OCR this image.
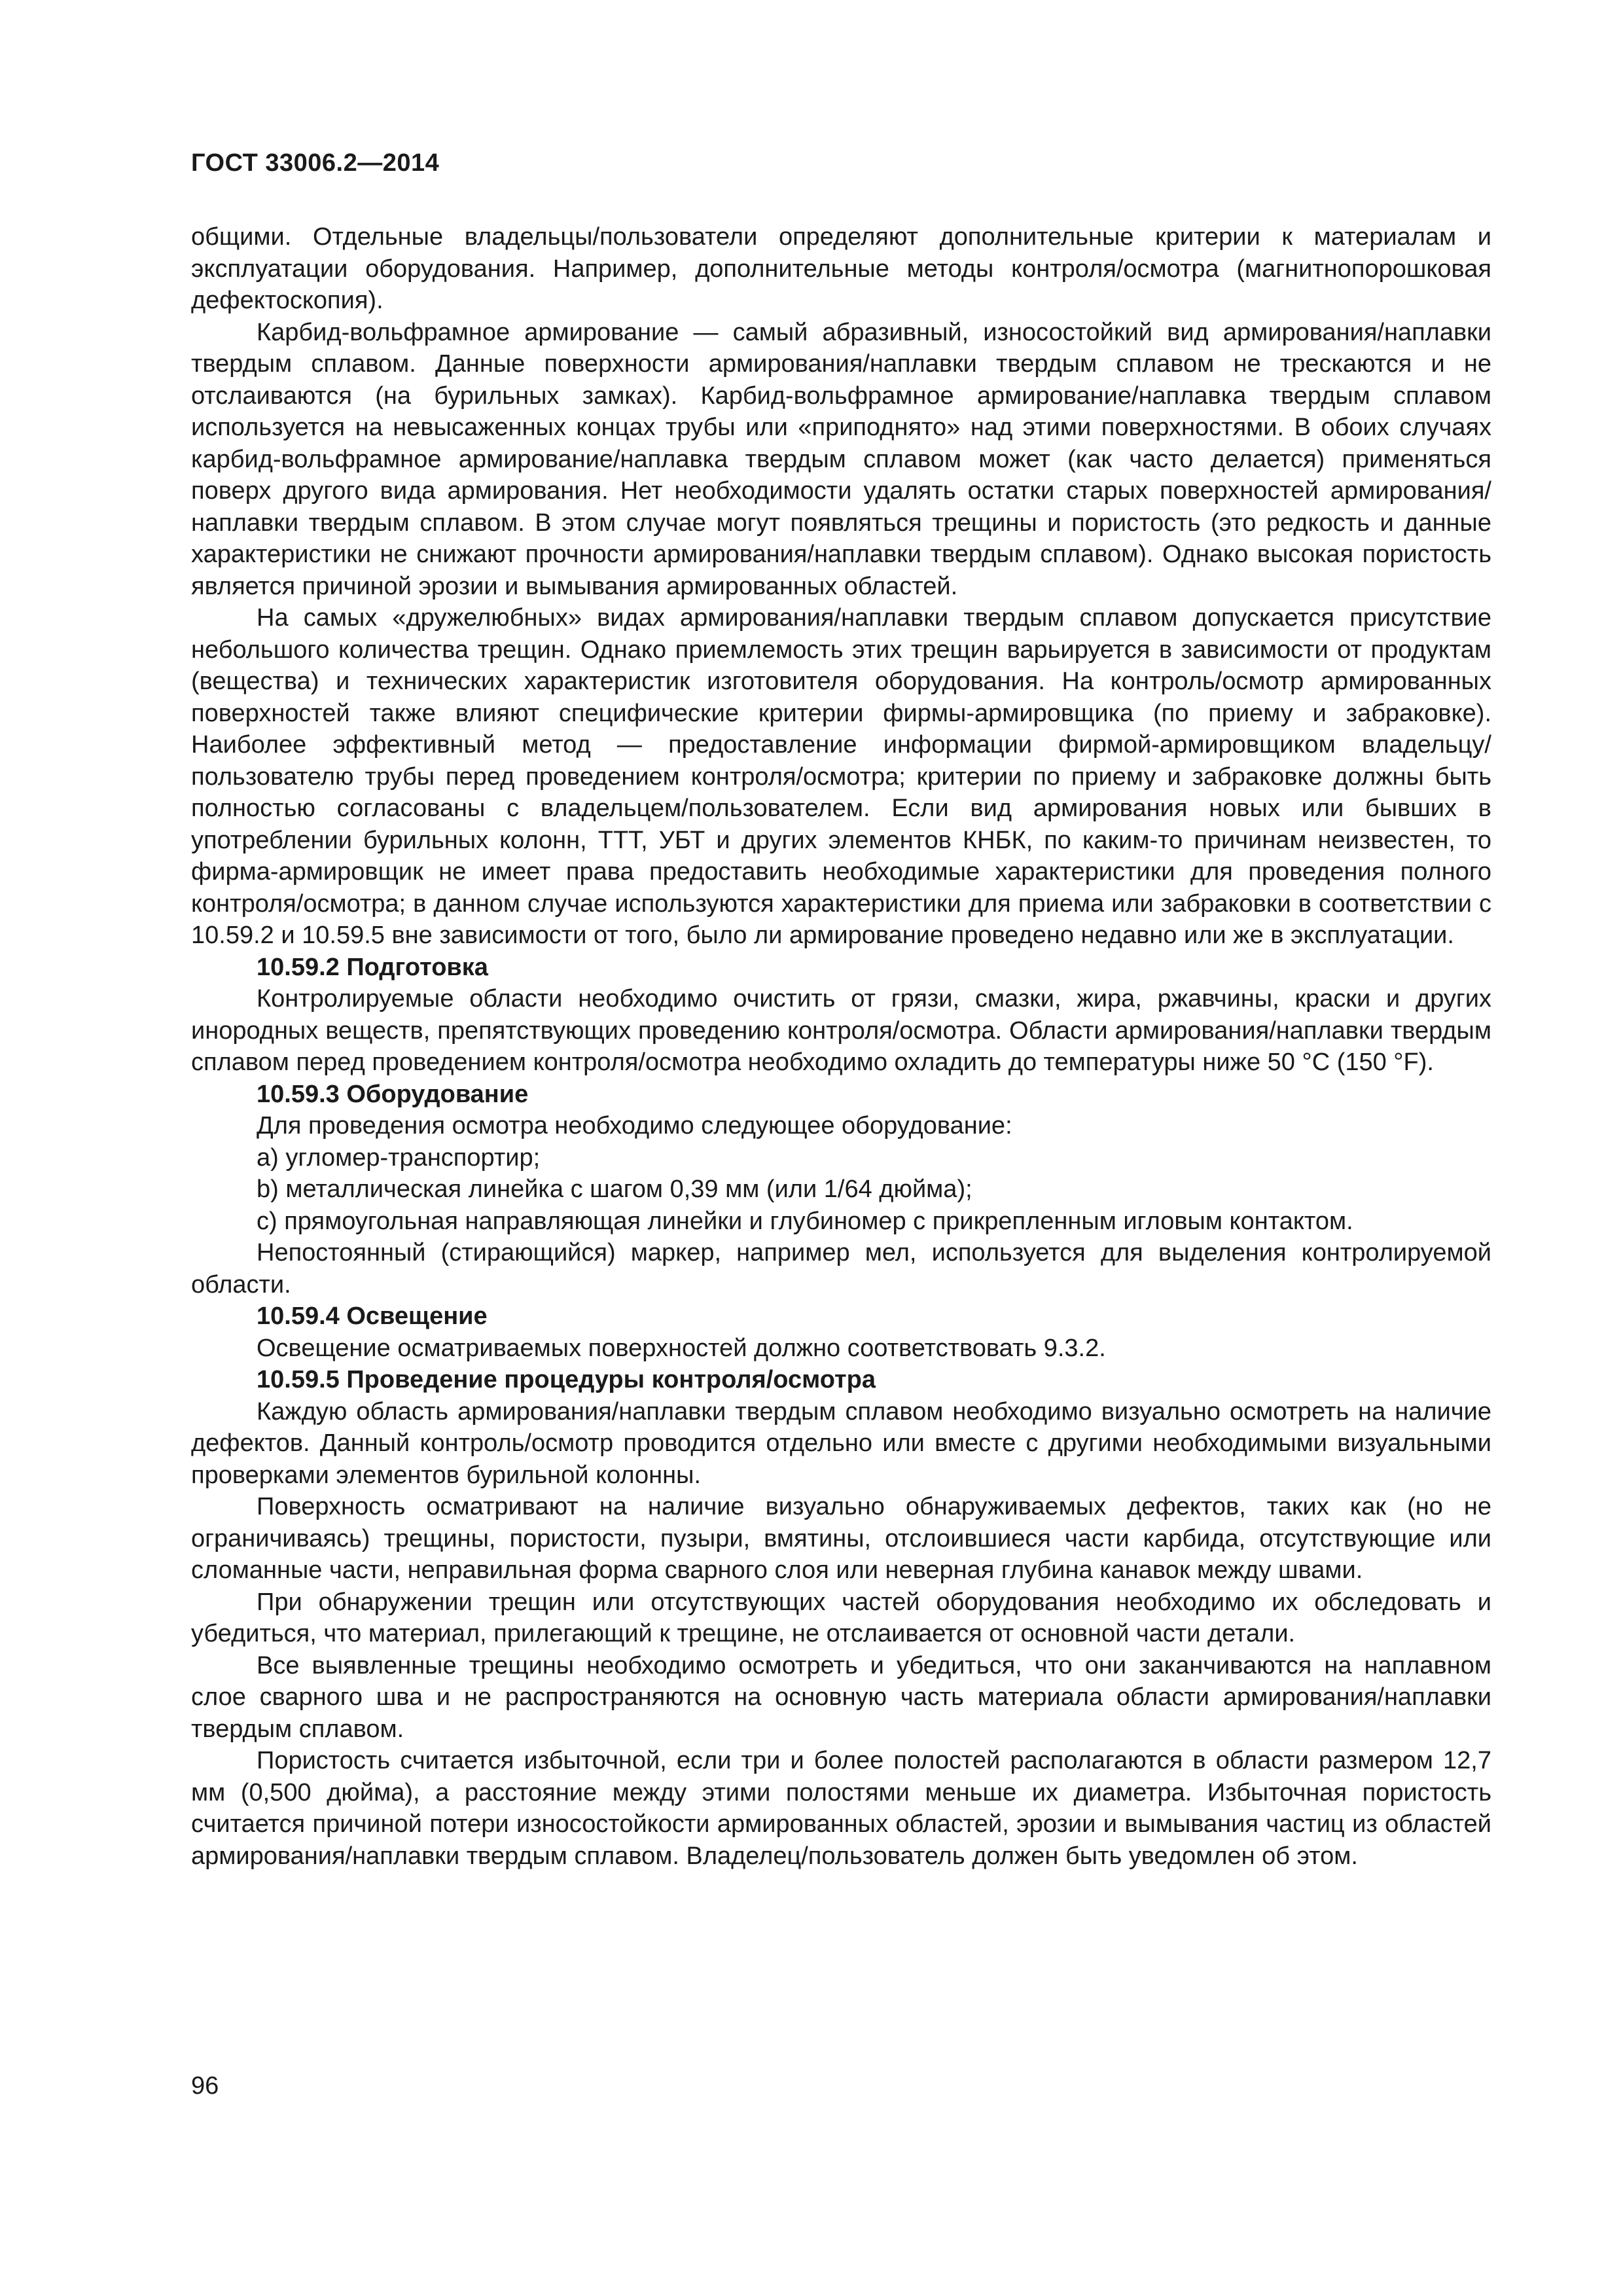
ГОСТ 33006.2—2014

общими. Отдельные владельцы/пользователи определяют дополнительные критерии к материалам и эксплуатации оборудования. Например, дополнительные методы контроля/осмотра (магнитнопорошковая дефектоскопия).

Карбид-вольфрамное армирование — самый абразивный, износостойкий вид армирования/наплавки твердым сплавом. Данные поверхности армирования/наплавки твердым сплавом не трескаются и не отслаиваются (на бурильных замках). Карбид-вольфрамное армирование/наплавка твердым сплавом используется на невысаженных концах трубы или «приподнято» над этими поверхностями. В обоих случаях карбид-вольфрамное армирование/наплавка твердым сплавом может (как часто делается) применяться поверх другого вида армирования. Нет необходимости удалять остатки старых поверхностей армирования/наплавки твердым сплавом. В этом случае могут появляться трещины и пористость (это редкость и данные характеристики не снижают прочности армирования/наплавки твердым сплавом). Однако высокая пористость является причиной эрозии и вымывания армированных областей.

На самых «дружелюбных» видах армирования/наплавки твердым сплавом допускается присутствие небольшого количества трещин. Однако приемлемость этих трещин варьируется в зависимости от продуктам (вещества) и технических характеристик изготовителя оборудования. На контроль/осмотр армированных поверхностей также влияют специфические критерии фирмы-армировщика (по приему и забраковке). Наиболее эффективный метод — предоставление информации фирмой-армировщиком владельцу/пользователю трубы перед проведением контроля/осмотра; критерии по приему и забраковке должны быть полностью согласованы с владельцем/пользователем. Если вид армирования новых или бывших в употреблении бурильных колонн, ТТТ, УБТ и других элементов КНБК, по каким-то причинам неизвестен, то фирма-армировщик не имеет права предоставить необходимые характеристики для проведения полного контроля/осмотра; в данном случае используются характеристики для приема или забраковки в соответствии с 10.59.2 и 10.59.5 вне зависимости от того, было ли армирование проведено недавно или же в эксплуатации.

10.59.2 Подготовка

Контролируемые области необходимо очистить от грязи, смазки, жира, ржавчины, краски и других инородных веществ, препятствующих проведению контроля/осмотра. Области армирования/наплавки твердым сплавом перед проведением контроля/осмотра необходимо охладить до температуры ниже 50 °С (150 °F).

10.59.3 Оборудование

Для проведения осмотра необходимо следующее оборудование:

a) угломер-транспортир;

b) металлическая линейка с шагом 0,39 мм (или 1/64 дюйма);

c) прямоугольная направляющая линейки и глубиномер с прикрепленным игловым контактом.

Непостоянный (стирающийся) маркер, например мел, используется для выделения контролируемой области.

10.59.4 Освещение

Освещение осматриваемых поверхностей должно соответствовать 9.3.2.

10.59.5 Проведение процедуры контроля/осмотра

Каждую область армирования/наплавки твердым сплавом необходимо визуально осмотреть на наличие дефектов. Данный контроль/осмотр проводится отдельно или вместе с другими необходимыми визуальными проверками элементов бурильной колонны.

Поверхность осматривают на наличие визуально обнаруживаемых дефектов, таких как (но не ограничиваясь) трещины, пористости, пузыри, вмятины, отслоившиеся части карбида, отсутствующие или сломанные части, неправильная форма сварного слоя или неверная глубина канавок между швами.

При обнаружении трещин или отсутствующих частей оборудования необходимо их обследовать и убедиться, что материал, прилегающий к трещине, не отслаивается от основной части детали.

Все выявленные трещины необходимо осмотреть и убедиться, что они заканчиваются на наплавном слое сварного шва и не распространяются на основную часть материала области армирования/наплавки твердым сплавом.

Пористость считается избыточной, если три и более полостей располагаются в области размером 12,7 мм (0,500 дюйма), а расстояние между этими полостями меньше их диаметра. Избыточная пористость считается причиной потери износостойкости армированных областей, эрозии и вымывания частиц из областей армирования/наплавки твердым сплавом. Владелец/пользователь должен быть уведомлен об этом.

96
